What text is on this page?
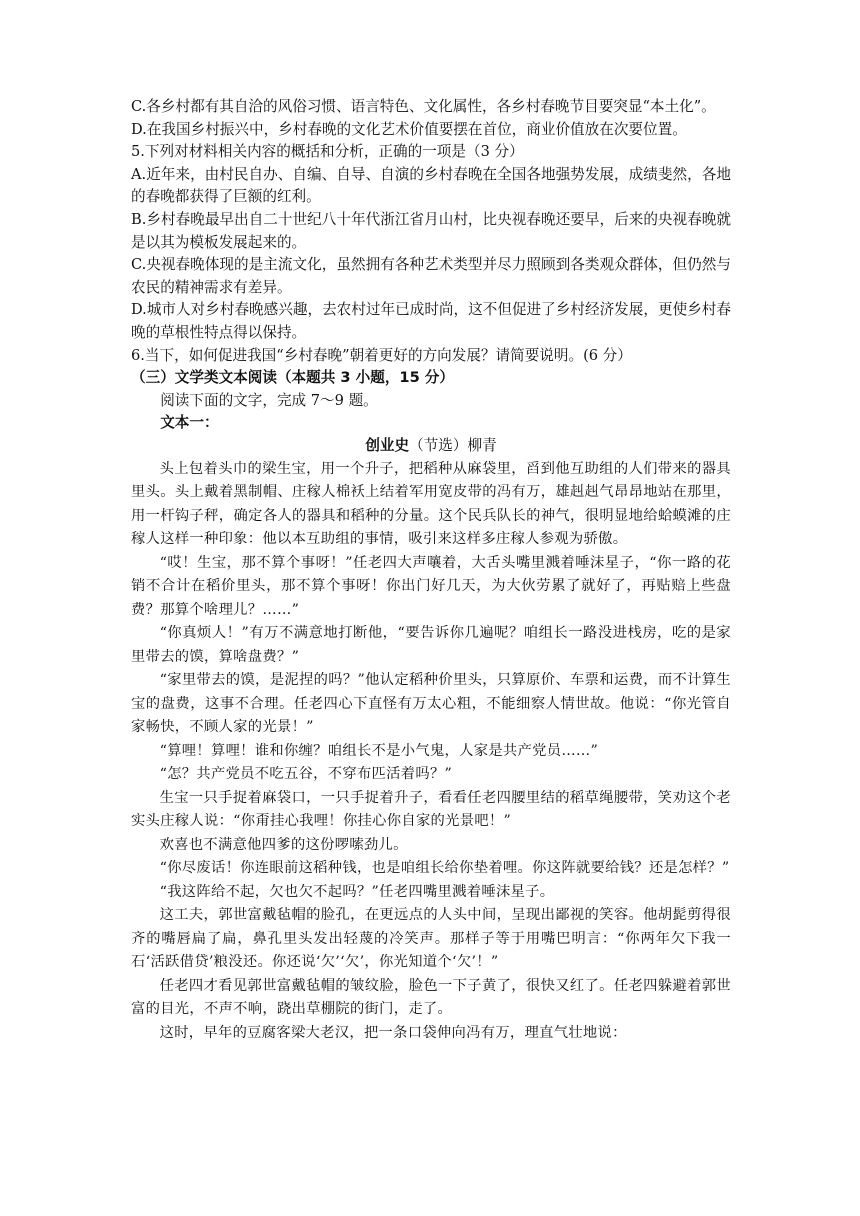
C.各乡村都有其自洽的风俗习惯、语言特色、文化属性，各乡村春晚节目要突显“本土化”。

D.在我国乡村振兴中，乡村春晚的文化艺术价值要摆在首位，商业价值放在次要位置。

5.下列对材料相关内容的概括和分析，正确的一项是（3 分）

A.近年来，由村民自办、自编、自导、自演的乡村春晚在全国各地强势发展，成绩斐然，各地的春晚都获得了巨额的红利。

B.乡村春晚最早出自二十世纪八十年代浙江省月山村，比央视春晚还要早，后来的央视春晚就是以其为模板发展起来的。

C.央视春晚体现的是主流文化，虽然拥有各种艺术类型并尽力照顾到各类观众群体，但仍然与农民的精神需求有差异。

D.城市人对乡村春晚感兴趣，去农村过年已成时尚，这不但促进了乡村经济发展，更使乡村春晚的草根性特点得以保持。

6.当下，如何促进我国“乡村春晚”朝着更好的方向发展？请简要说明。(6 分）

（三）文学类文本阅读（本题共 3 小题，15 分）

阅读下面的文字，完成 7～9 题。

文本一：

创业史（节选）柳青

头上包着头巾的梁生宝，用一个升子，把稻种从麻袋里，舀到他互助组的人们带来的器具里头。头上戴着黑制帽、庄稼人棉袄上结着军用宽皮带的冯有万，雄赳赳气昂昂地站在那里，用一杆钩子秤，确定各人的器具和稻种的分量。这个民兵队长的神气，很明显地给蛤蟆滩的庄稼人这样一种印象：他以本互助组的事情，吸引来这样多庄稼人参观为骄傲。

“哎！生宝，那不算个事呀！”任老四大声嚷着，大舌头嘴里溅着唾沫星子，“你一路的花销不合计在稻价里头，那不算个事呀！你出门好几天，为大伙劳累了就好了，再贴赔上些盘费？那算个啥理儿？……”

“你真烦人！”有万不满意地打断他，“要告诉你几遍呢？咱组长一路没进栈房，吃的是家里带去的馍，算啥盘费？”

“家里带去的馍，是泥捏的吗？”他认定稻种价里头，只算原价、车票和运费，而不计算生宝的盘费，这事不合理。任老四心下直怪有万太心粗，不能细察人情世故。他说：“你光管自家畅快，不顾人家的光景！”

“算哩！算哩！谁和你缠？咱组长不是小气鬼，人家是共产党员……”

“怎？共产党员不吃五谷，不穿布匹活着吗？”

生宝一只手捉着麻袋口，一只手捉着升子，看看任老四腰里结的稻草绳腰带，笑劝这个老实头庄稼人说：“你甭挂心我哩！你挂心你自家的光景吧！”

欢喜也不满意他四爹的这份啰嗦劲儿。

“你尽废话！你连眼前这稻种钱，也是咱组长给你垫着哩。你这阵就要给钱？还是怎样？”

“我这阵给不起，欠也欠不起吗？”任老四嘴里溅着唾沫星子。

这工夫，郭世富戴毡帽的脸孔，在更远点的人头中间，呈现出鄙视的笑容。他胡髭剪得很齐的嘴唇扁了扁，鼻孔里头发出轻蔑的冷笑声。那样子等于用嘴巴明言：“你两年欠下我一石‘活跃借贷’粮没还。你还说‘欠’‘欠’，你光知道个‘欠’！”

任老四才看见郭世富戴毡帽的皱纹脸，脸色一下子黄了，很快又红了。任老四躲避着郭世富的目光，不声不响，跷出草棚院的街门，走了。

这时，早年的豆腐客梁大老汉，把一条口袋伸向冯有万，理直气壮地说：
